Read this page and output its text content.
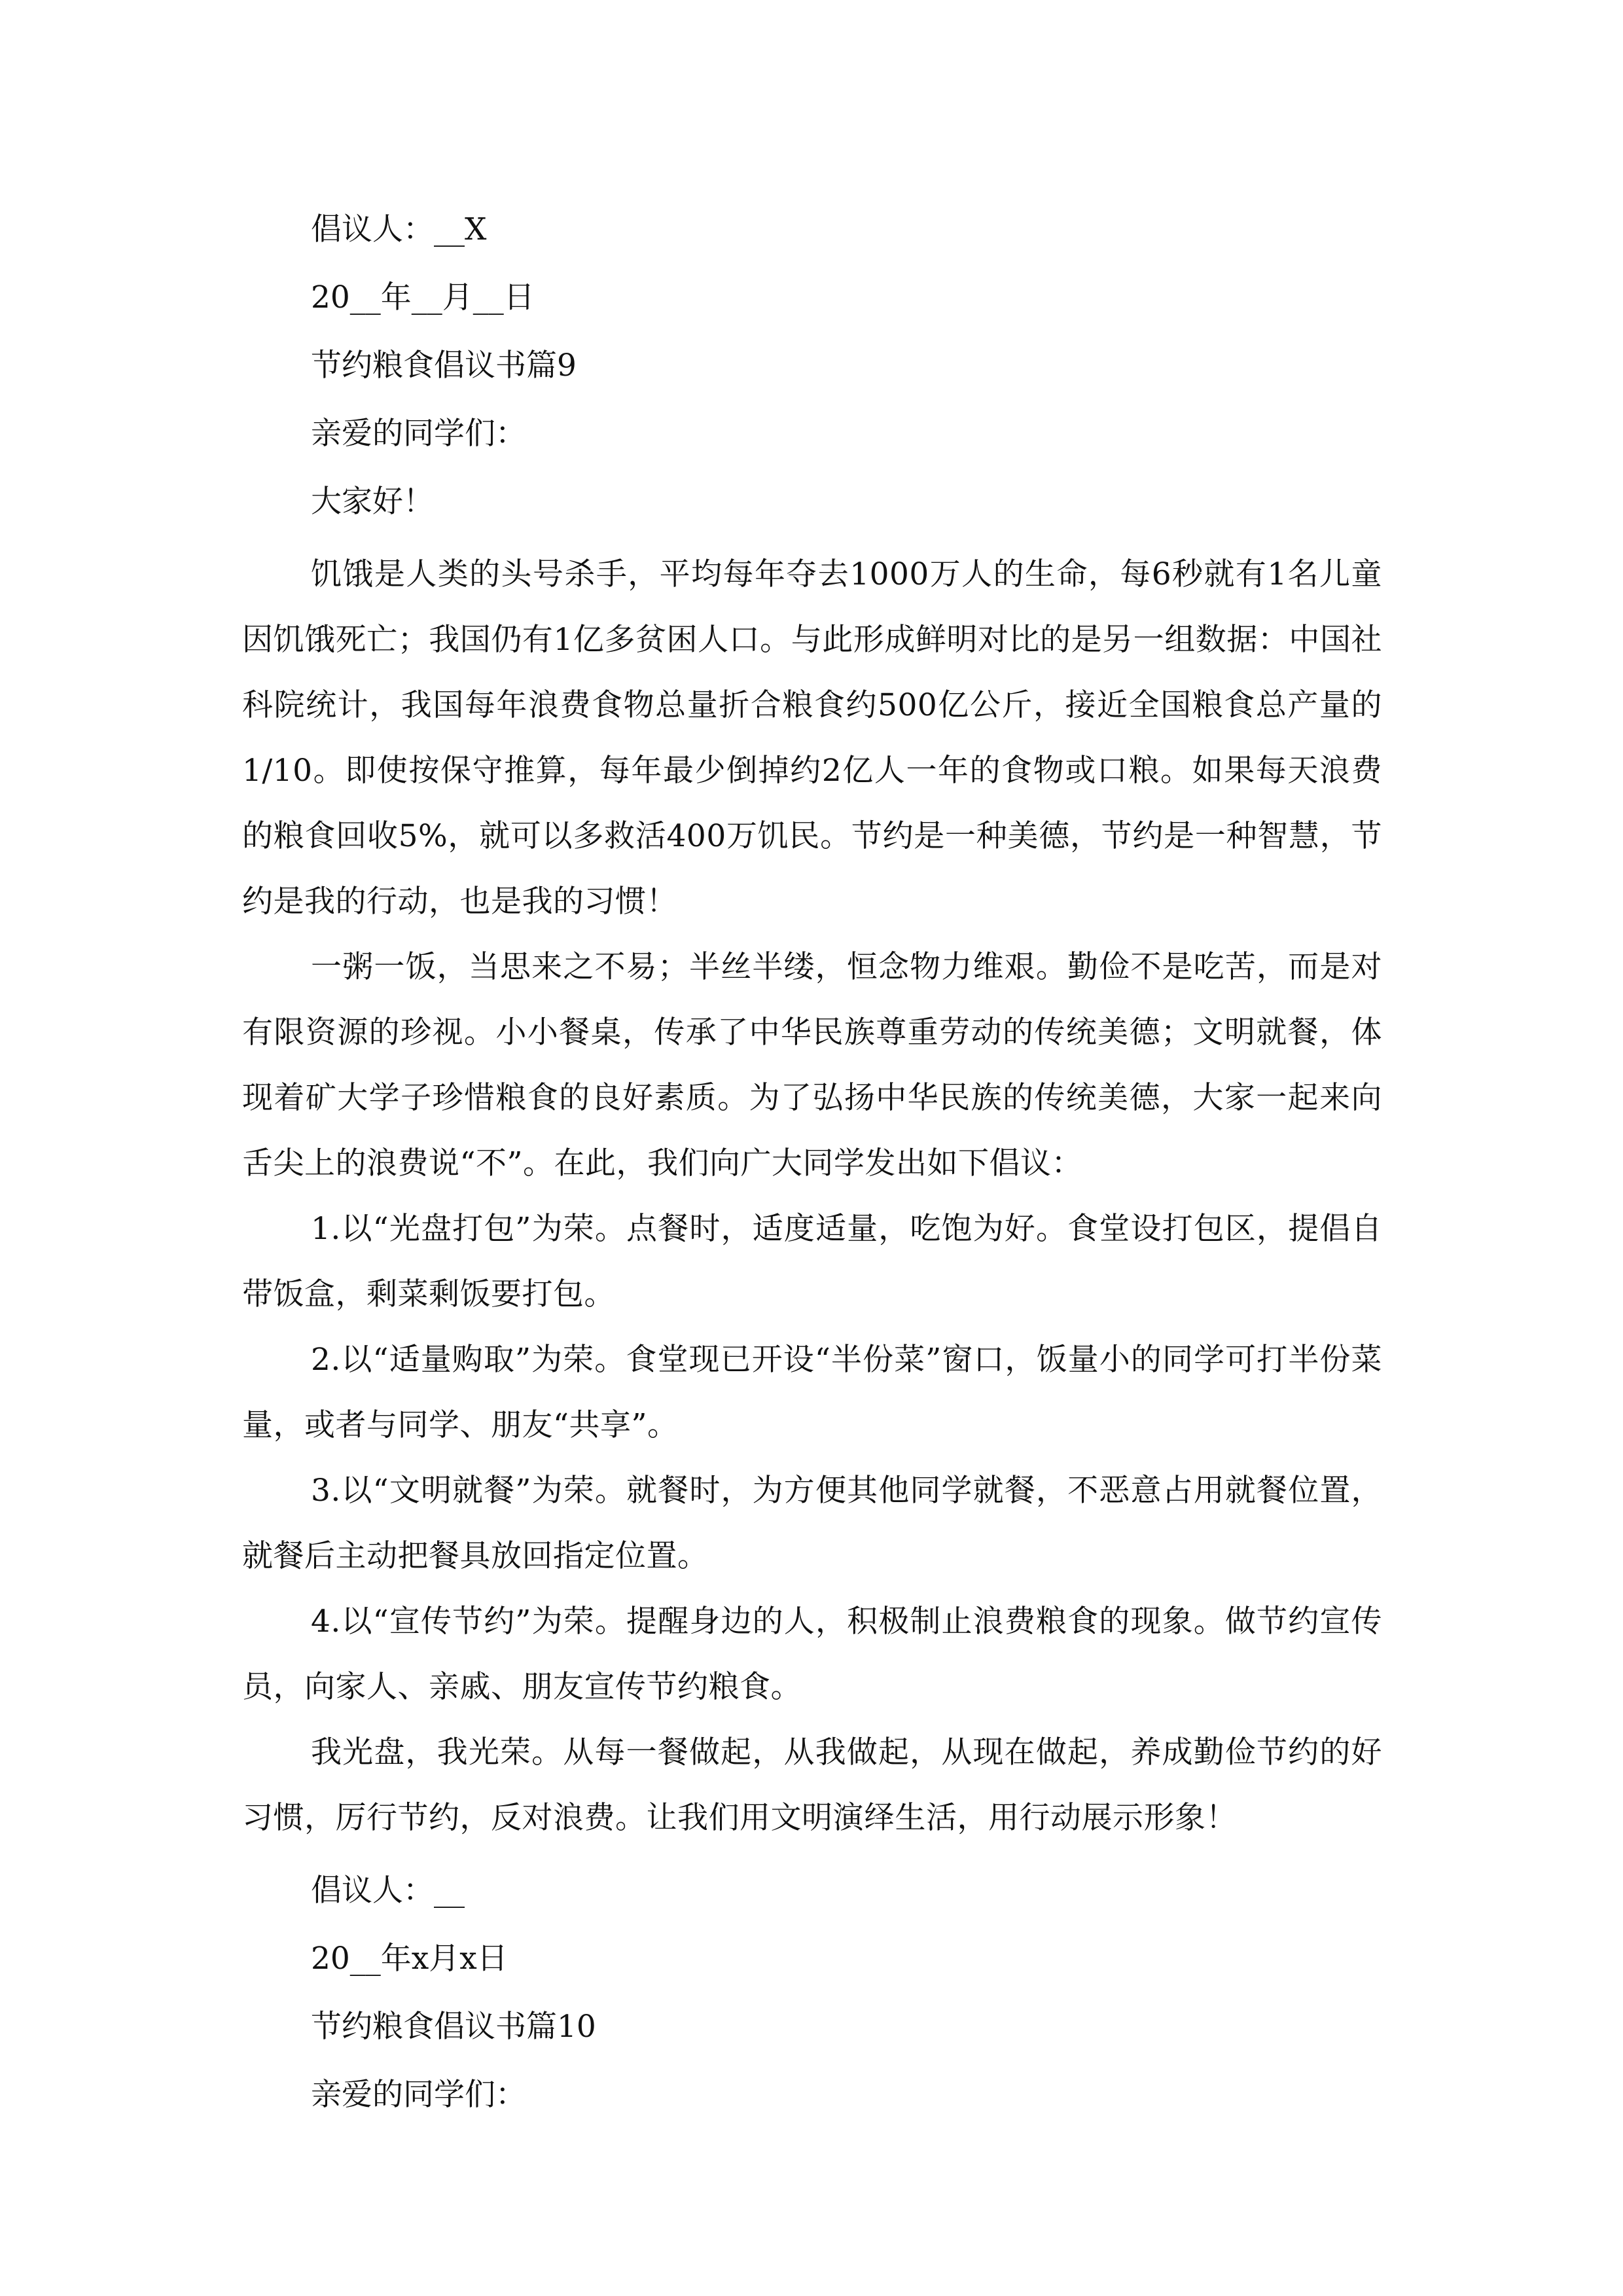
倡议人：__X

20__年__月__日

节约粮食倡议书篇9

亲爱的同学们：

大家好！

饥饿是人类的头号杀手，平均每年夺去1000万人的生命，每6秒就有1名儿童因饥饿死亡；我国仍有1亿多贫困人口。与此形成鲜明对比的是另一组数据：中国社科院统计，我国每年浪费食物总量折合粮食约500亿公斤，接近全国粮食总产量的1/10。即使按保守推算，每年最少倒掉约2亿人一年的食物或口粮。如果每天浪费的粮食回收5%，就可以多救活400万饥民。节约是一种美德，节约是一种智慧，节约是我的行动，也是我的习惯！

一粥一饭，当思来之不易；半丝半缕，恒念物力维艰。勤俭不是吃苦，而是对有限资源的珍视。小小餐桌，传承了中华民族尊重劳动的传统美德；文明就餐，体现着矿大学子珍惜粮食的良好素质。为了弘扬中华民族的传统美德，大家一起来向舌尖上的浪费说“不”。在此，我们向广大同学发出如下倡议：

1.以“光盘打包”为荣。点餐时，适度适量，吃饱为好。食堂设打包区，提倡自带饭盒，剩菜剩饭要打包。

2.以“适量购取”为荣。食堂现已开设“半份菜”窗口，饭量小的同学可打半份菜量，或者与同学、朋友“共享”。

3.以“文明就餐”为荣。就餐时，为方便其他同学就餐，不恶意占用就餐位置，就餐后主动把餐具放回指定位置。

4.以“宣传节约”为荣。提醒身边的人，积极制止浪费粮食的现象。做节约宣传员，向家人、亲戚、朋友宣传节约粮食。

我光盘，我光荣。从每一餐做起，从我做起，从现在做起，养成勤俭节约的好习惯，厉行节约，反对浪费。让我们用文明演绎生活，用行动展示形象！

倡议人：__

20__年x月x日

节约粮食倡议书篇10

亲爱的同学们：
